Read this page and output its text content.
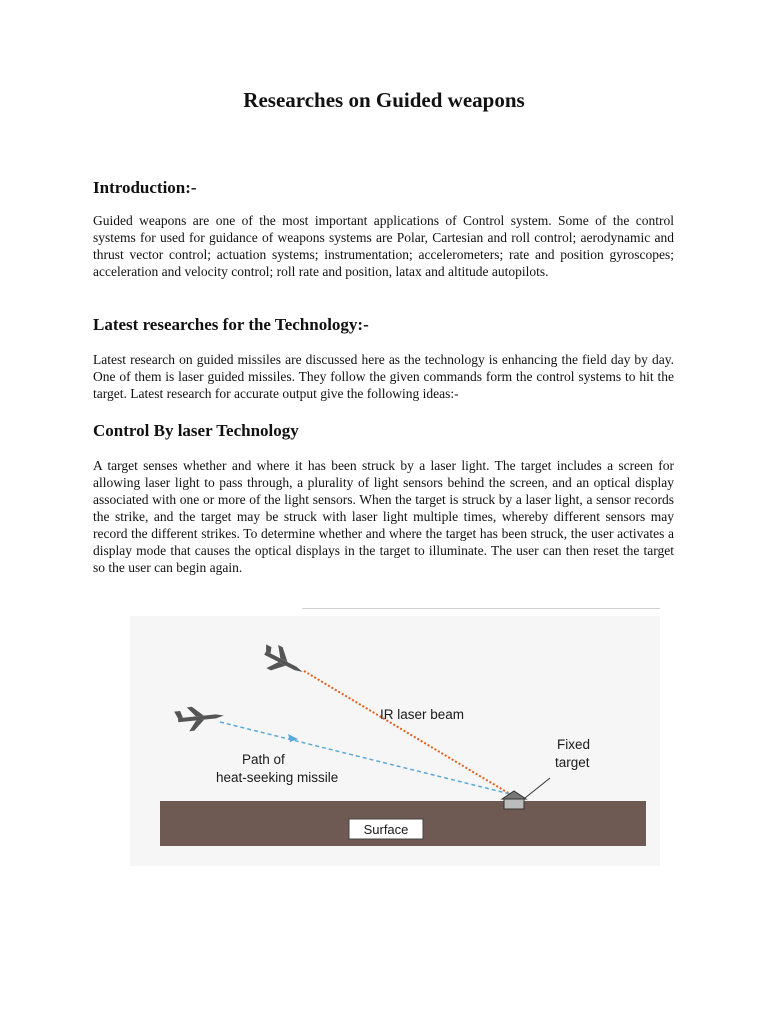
Researches on Guided weapons
Introduction:-

Guided weapons are one of the most important applications of Control system. Some of the control systems for used for guidance of weapons systems are Polar, Cartesian and roll control; aerodynamic and thrust vector control; actuation systems; instrumentation; accelerometers; rate and position gyroscopes; acceleration and velocity control; roll rate and position, latax and altitude autopilots.

Latest researches for the Technology:-

Latest research on guided missiles are discussed here as the technology is enhancing the field day by day. One of them is laser guided missiles. They follow the given commands form the control systems to hit the target. Latest research for accurate output give the following ideas:-

Control By laser Technology

A target senses whether and where it has been struck by a laser light. The target includes a screen for allowing laser light to pass through, a plurality of light sensors behind the screen, and an optical display associated with one or more of the light sensors. When the target is struck by a laser light, a sensor records the strike, and the target may be struck with laser light multiple times, whereby different sensors may record the different strikes. To determine whether and where the target has been struck, the user activates a display mode that causes the optical displays in the target to illuminate. The user can then reset the target so the user can begin again.

Surface
IR laser beam
Path of
heat-seeking missile
Fixed
target
